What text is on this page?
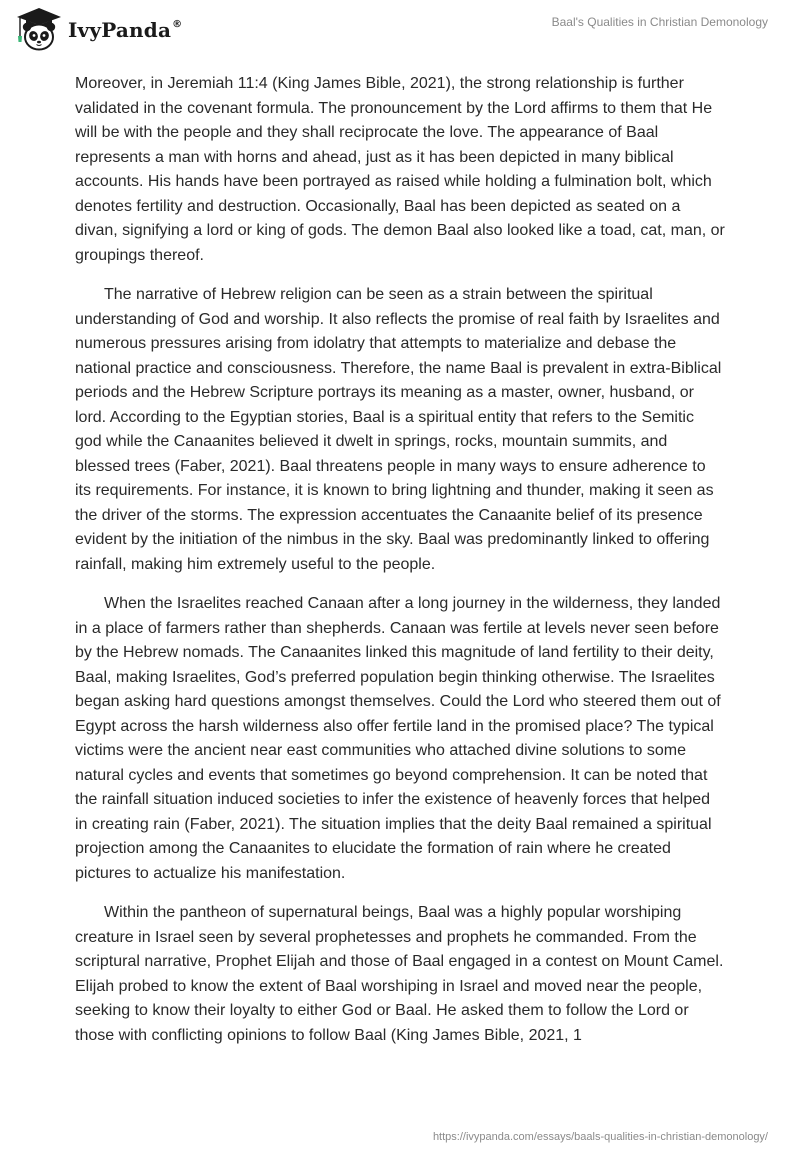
IvyPanda®	Baal's Qualities in Christian Demonology

Moreover, in Jeremiah 11:4 (King James Bible, 2021), the strong relationship is further validated in the covenant formula. The pronouncement by the Lord affirms to them that He will be with the people and they shall reciprocate the love. The appearance of Baal represents a man with horns and ahead, just as it has been depicted in many biblical accounts. His hands have been portrayed as raised while holding a fulmination bolt, which denotes fertility and destruction. Occasionally, Baal has been depicted as seated on a divan, signifying a lord or king of gods. The demon Baal also looked like a toad, cat, man, or groupings thereof.

The narrative of Hebrew religion can be seen as a strain between the spiritual understanding of God and worship. It also reflects the promise of real faith by Israelites and numerous pressures arising from idolatry that attempts to materialize and debase the national practice and consciousness. Therefore, the name Baal is prevalent in extra-Biblical periods and the Hebrew Scripture portrays its meaning as a master, owner, husband, or lord. According to the Egyptian stories, Baal is a spiritual entity that refers to the Semitic god while the Canaanites believed it dwelt in springs, rocks, mountain summits, and blessed trees (Faber, 2021). Baal threatens people in many ways to ensure adherence to its requirements. For instance, it is known to bring lightning and thunder, making it seen as the driver of the storms. The expression accentuates the Canaanite belief of its presence evident by the initiation of the nimbus in the sky. Baal was predominantly linked to offering rainfall, making him extremely useful to the people.

When the Israelites reached Canaan after a long journey in the wilderness, they landed in a place of farmers rather than shepherds. Canaan was fertile at levels never seen before by the Hebrew nomads. The Canaanites linked this magnitude of land fertility to their deity, Baal, making Israelites, God’s preferred population begin thinking otherwise. The Israelites began asking hard questions amongst themselves. Could the Lord who steered them out of Egypt across the harsh wilderness also offer fertile land in the promised place? The typical victims were the ancient near east communities who attached divine solutions to some natural cycles and events that sometimes go beyond comprehension. It can be noted that the rainfall situation induced societies to infer the existence of heavenly forces that helped in creating rain (Faber, 2021). The situation implies that the deity Baal remained a spiritual projection among the Canaanites to elucidate the formation of rain where he created pictures to actualize his manifestation.

Within the pantheon of supernatural beings, Baal was a highly popular worshiping creature in Israel seen by several prophetesses and prophets he commanded. From the scriptural narrative, Prophet Elijah and those of Baal engaged in a contest on Mount Camel. Elijah probed to know the extent of Baal worshiping in Israel and moved near the people, seeking to know their loyalty to either God or Baal. He asked them to follow the Lord or those with conflicting opinions to follow Baal (King James Bible, 2021, 1

https://ivypanda.com/essays/baals-qualities-in-christian-demonology/
